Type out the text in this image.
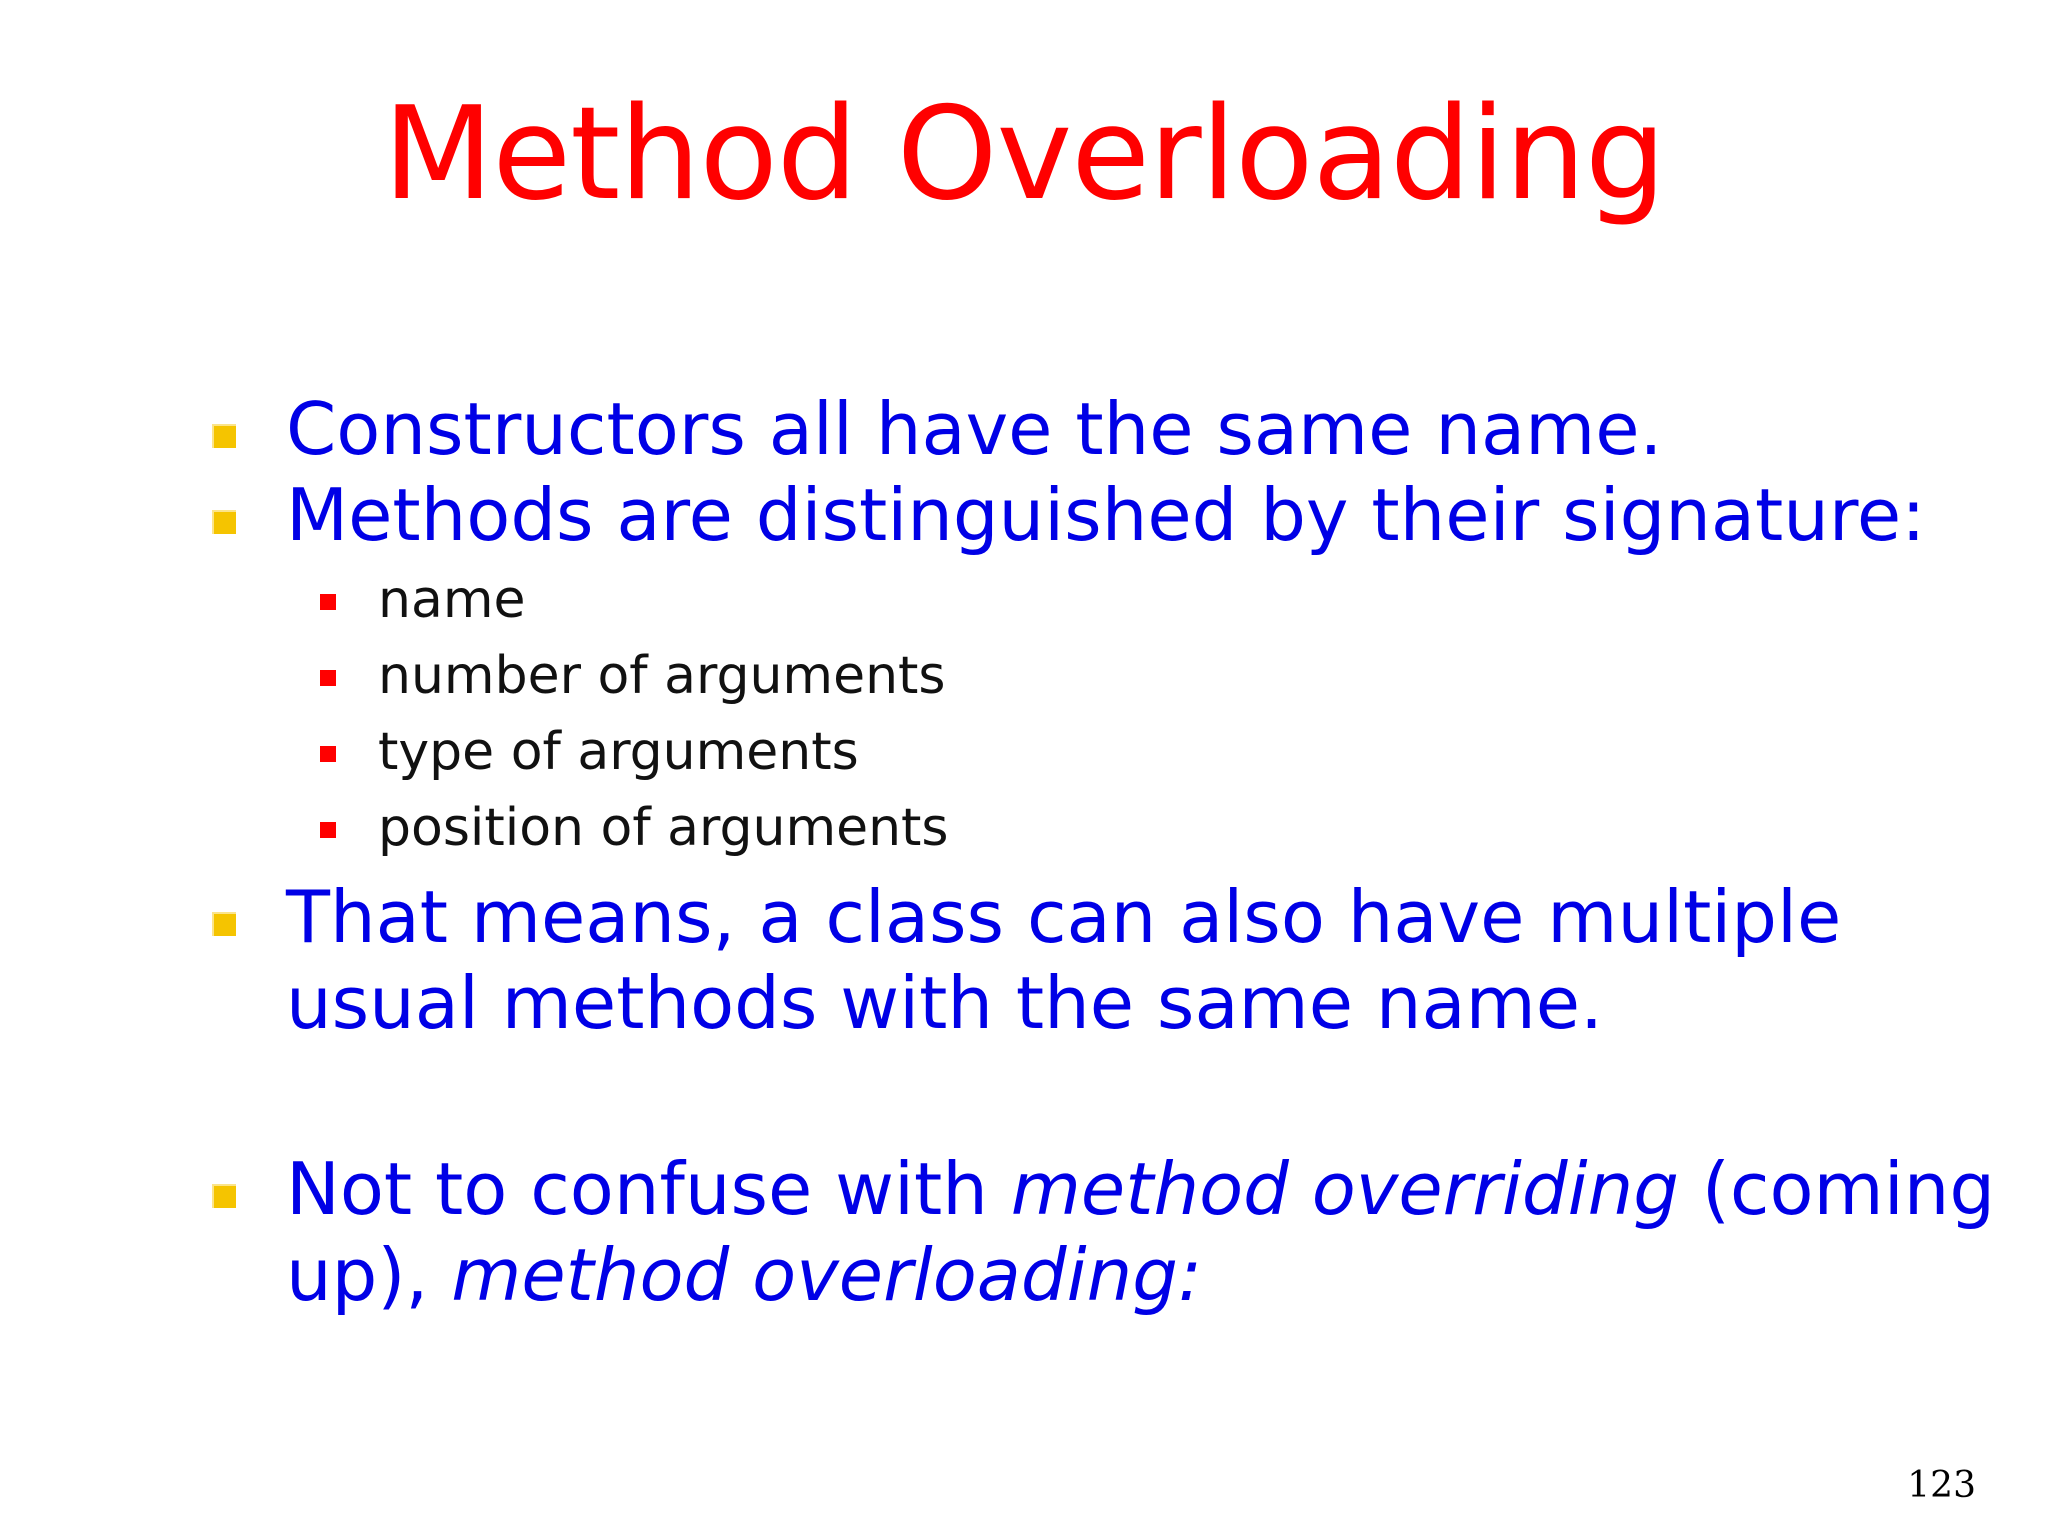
Method Overloading
Constructors all have the same name.
Methods are distinguished by their signature:
name
number of arguments
type of arguments
position of arguments
That means, a class can also have multiple
usual methods with the same name.
Not to confuse with method overriding (coming
up), method overloading:
123
